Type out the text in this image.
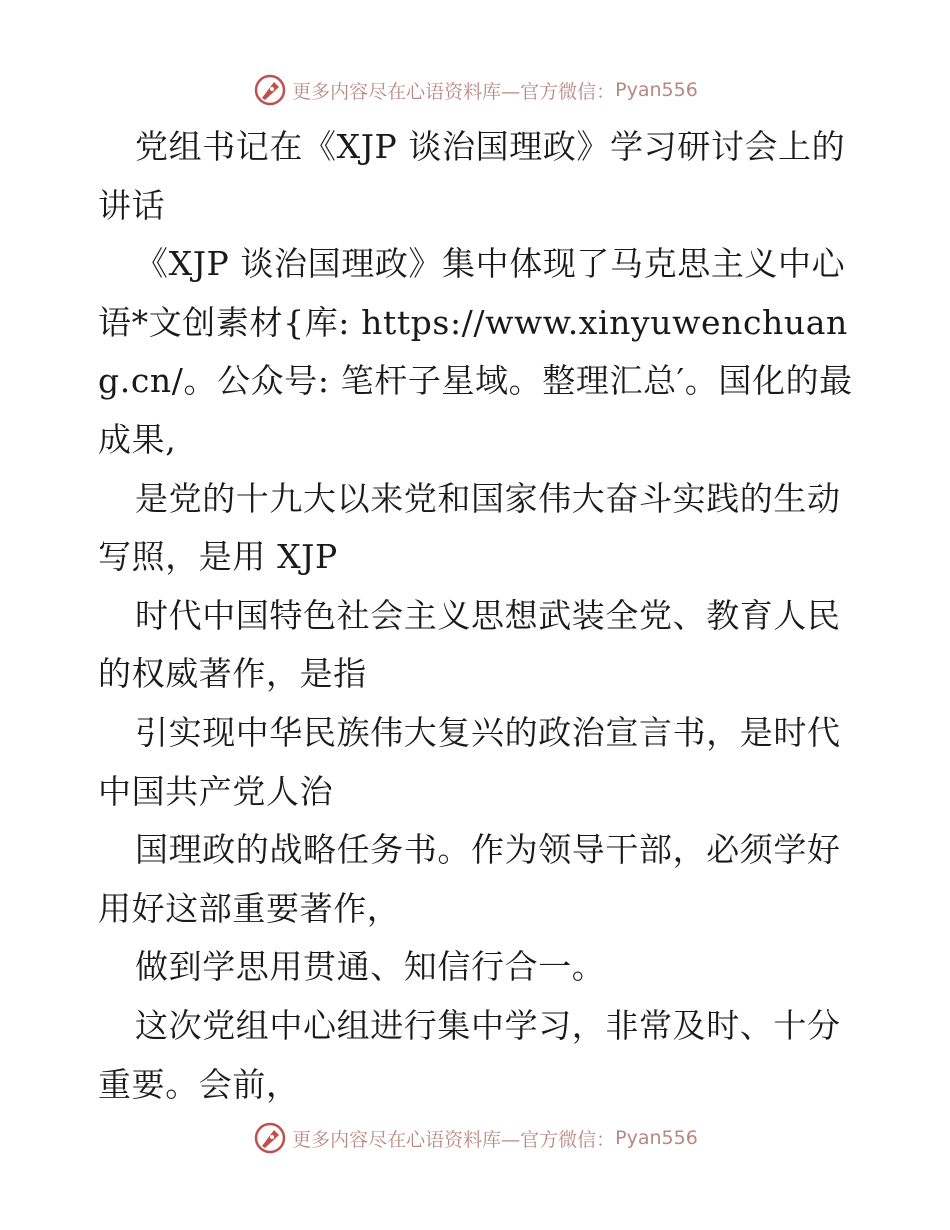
更多内容尽在心语资料库—官方微信： Pyan556

党组书记在《XJP 谈治国理政》学习研讨会上的讲话

《XJP 谈治国理政》集中体现了马克思主义中心语*文创素材{库: https://www.xinyuwenchuang.cn/。公众号: 笔杆子星域。整理汇总′。国化的最成果,

是党的十九大以来党和国家伟大奋斗实践的生动写照，是用 XJP

时代中国特色社会主义思想武装全党、教育人民的权威著作，是指

引实现中华民族伟大复兴的政治宣言书，是时代中国共产党人治

国理政的战略任务书。作为领导干部，必须学好用好这部重要著作，

做到学思用贯通、知信行合一。

这次党组中心组进行集中学习，非常及时、十分重要。会前，

更多内容尽在心语资料库—官方微信： Pyan556
